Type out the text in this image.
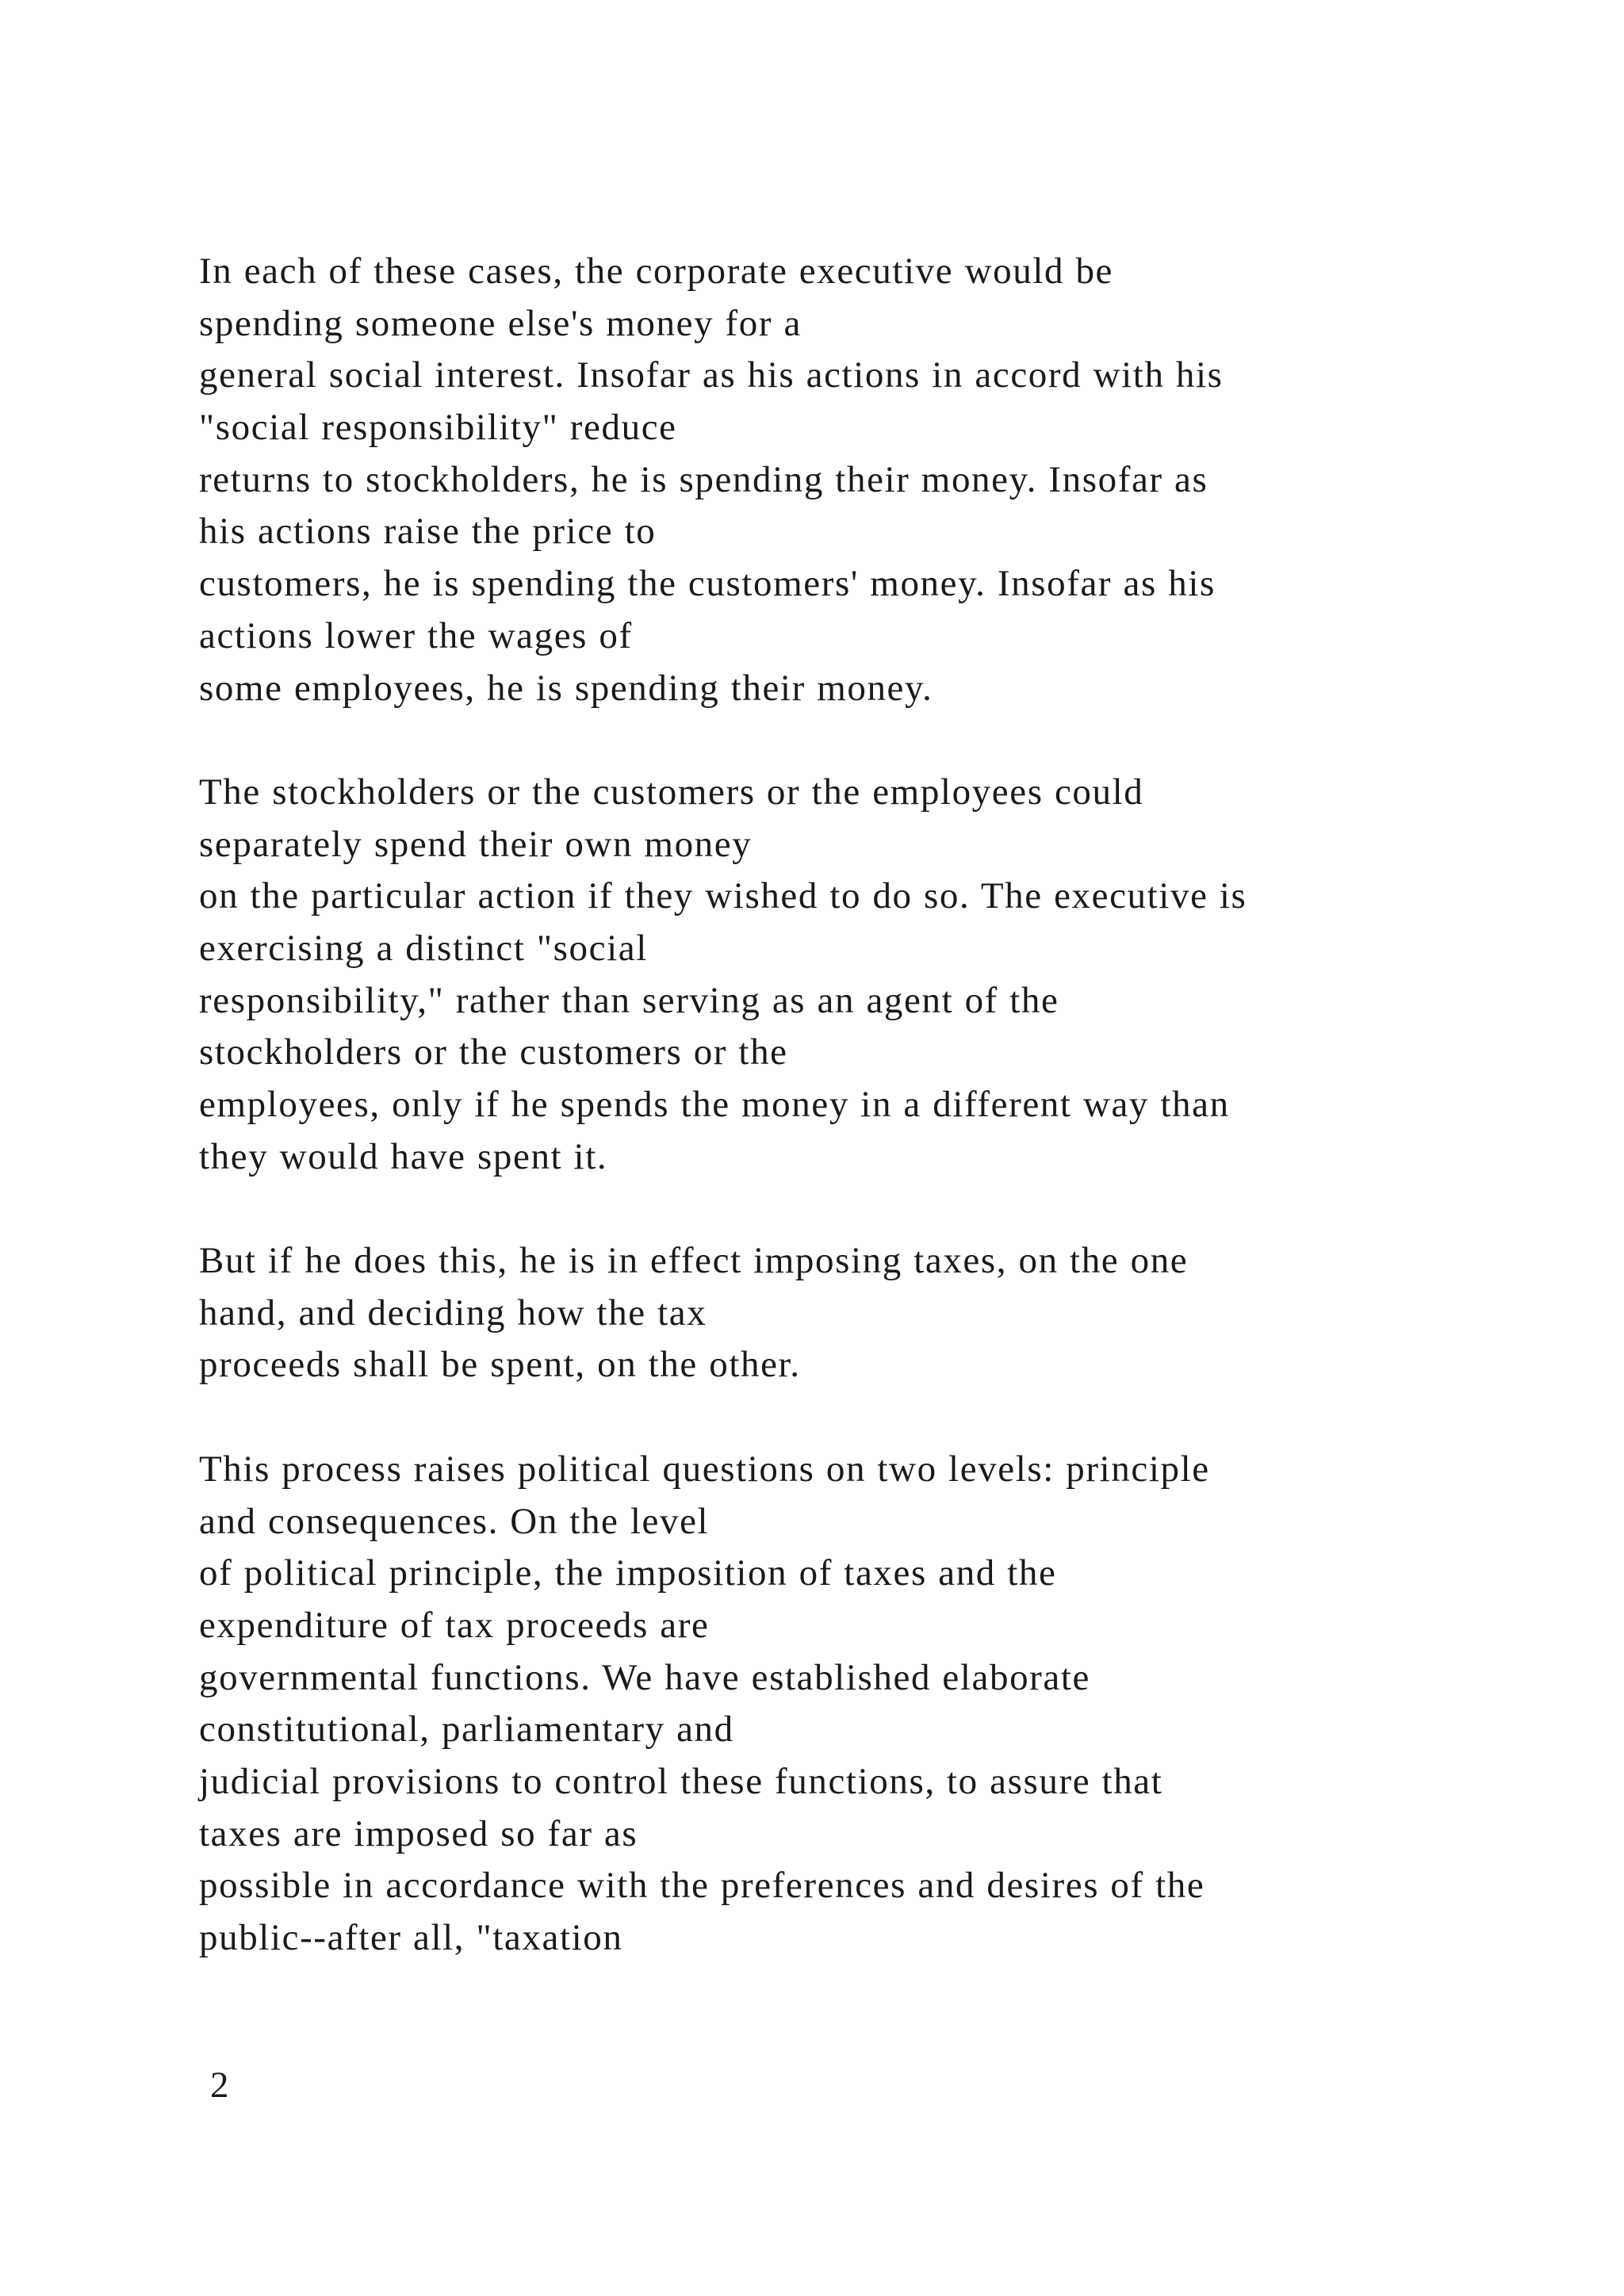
In each of these cases, the corporate executive would be
spending someone else's money for a
general social interest. Insofar as his actions in accord with his
"social responsibility" reduce
returns to stockholders, he is spending their money. Insofar as
his actions raise the price to
customers, he is spending the customers' money. Insofar as his
actions lower the wages of
some employees, he is spending their money.
The stockholders or the customers or the employees could
separately spend their own money
on the particular action if they wished to do so. The executive is
exercising a distinct "social
responsibility," rather than serving as an agent of the
stockholders or the customers or the
employees, only if he spends the money in a different way than
they would have spent it.
But if he does this, he is in effect imposing taxes, on the one
hand, and deciding how the tax
proceeds shall be spent, on the other.
This process raises political questions on two levels: principle
and consequences. On the level
of political principle, the imposition of taxes and the
expenditure of tax proceeds are
governmental functions. We have established elaborate
constitutional, parliamentary and
judicial provisions to control these functions, to assure that
taxes are imposed so far as
possible in accordance with the preferences and desires of the
public--after all, "taxation
2
